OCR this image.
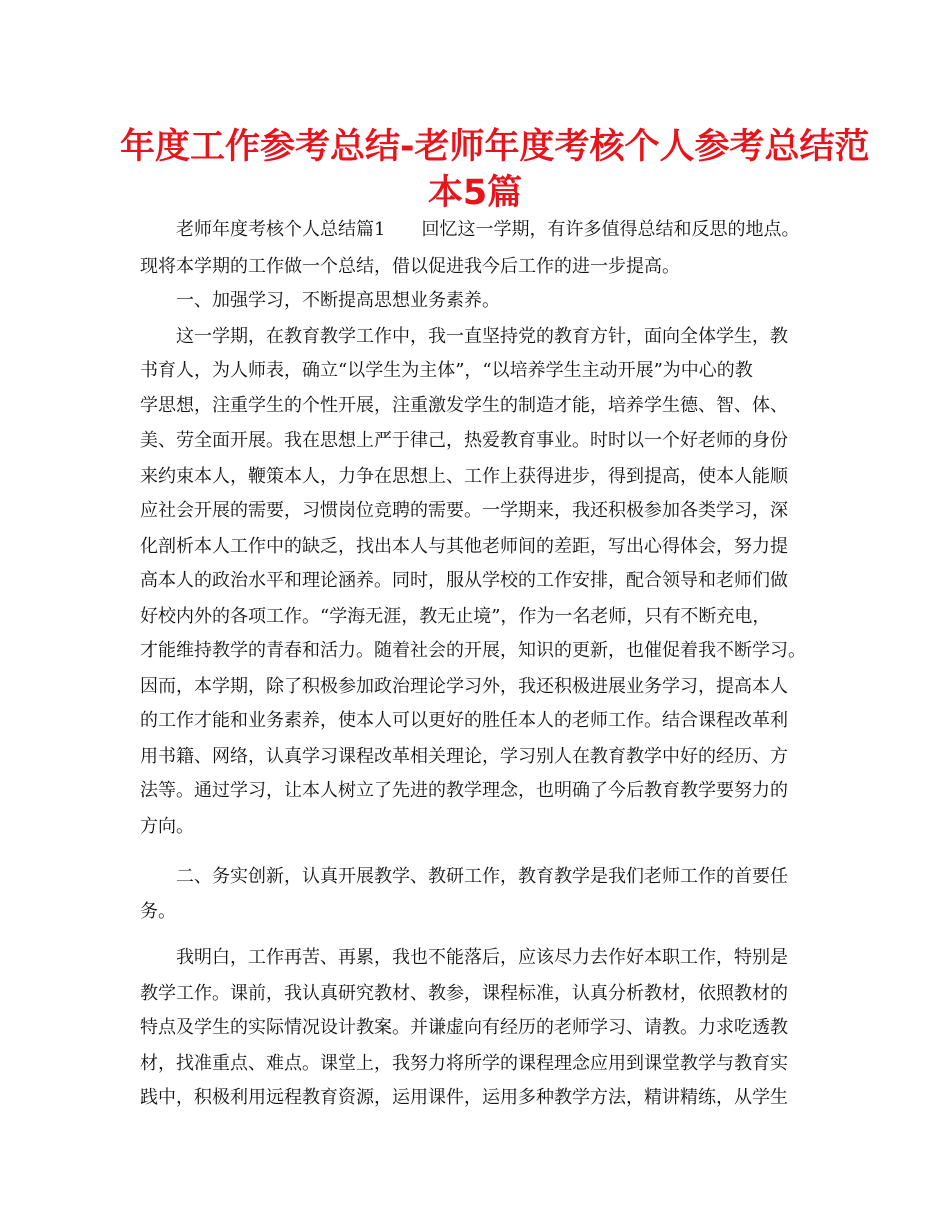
年度工作参考总结-老师年度考核个人参考总结范
本5篇
老师年度考核个人总结篇1　　回忆这一学期，有许多值得总结和反思的地点。
现将本学期的工作做一个总结，借以促进我今后工作的进一步提高。
一、加强学习，不断提高思想业务素养。
这一学期，在教育教学工作中，我一直坚持党的教育方针，面向全体学生，教
书育人，为人师表，确立“以学生为主体”，“以培养学生主动开展”为中心的教
学思想，注重学生的个性开展，注重激发学生的制造才能，培养学生德、智、体、
美、劳全面开展。我在思想上严于律己，热爱教育事业。时时以一个好老师的身份
来约束本人，鞭策本人，力争在思想上、工作上获得进步，得到提高，使本人能顺
应社会开展的需要，习惯岗位竞聘的需要。一学期来，我还积极参加各类学习，深
化剖析本人工作中的缺乏，找出本人与其他老师间的差距，写出心得体会，努力提
高本人的政治水平和理论涵养。同时，服从学校的工作安排，配合领导和老师们做
好校内外的各项工作。“学海无涯，教无止境”，作为一名老师，只有不断充电，
才能维持教学的青春和活力。随着社会的开展，知识的更新，也催促着我不断学习。
因而，本学期，除了积极参加政治理论学习外，我还积极进展业务学习，提高本人
的工作才能和业务素养，使本人可以更好的胜任本人的老师工作。结合课程改革利
用书籍、网络，认真学习课程改革相关理论，学习别人在教育教学中好的经历、方
法等。通过学习，让本人树立了先进的教学理念，也明确了今后教育教学要努力的
方向。
二、务实创新，认真开展教学、教研工作，教育教学是我们老师工作的首要任
务。
我明白，工作再苦、再累，我也不能落后，应该尽力去作好本职工作，特别是
教学工作。课前，我认真研究教材、教参，课程标准，认真分析教材，依照教材的
特点及学生的实际情况设计教案。并谦虚向有经历的老师学习、请教。力求吃透教
材，找准重点、难点。课堂上，我努力将所学的课程理念应用到课堂教学与教育实
践中，积极利用远程教育资源，运用课件，运用多种教学方法，精讲精练，从学生
